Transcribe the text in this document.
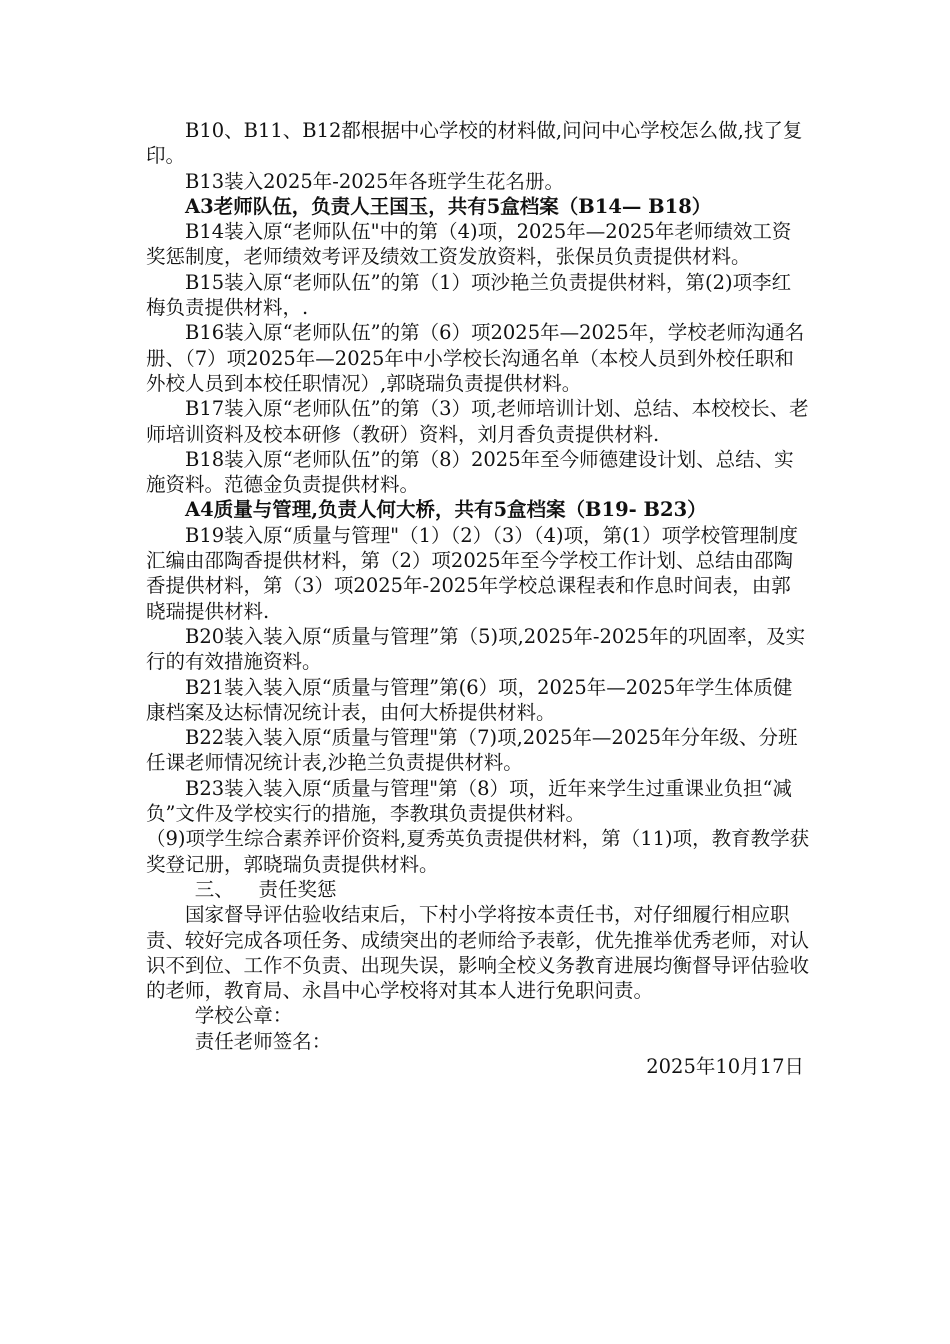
B10、B11、B12都根据中心学校的材料做,问问中心学校怎么做,找了复印。

B13装入2025年-2025年各班学生花名册。

A3老师队伍，负责人王国玉，共有5盒档案（B14— B18）

B14装入原“老师队伍"中的第（4)项，2025年—2025年老师绩效工资奖惩制度，老师绩效考评及绩效工资发放资料，张保员负责提供材料。

B15装入原“老师队伍”的第（1）项沙艳兰负责提供材料，第(2)项李红梅负责提供材料，.

B16装入原“老师队伍”的第（6）项2025年—2025年，学校老师沟通名册、（7）项2025年—2025年中小学校长沟通名单（本校人员到外校任职和外校人员到本校任职情况）,郭晓瑞负责提供材料。

B17装入原“老师队伍”的第（3）项,老师培训计划、总结、本校校长、老师培训资料及校本研修（教研）资料，刘月香负责提供材料.

B18装入原“老师队伍”的第（8）2025年至今师德建设计划、总结、实施资料。范德金负责提供材料。

A4质量与管理,负责人何大桥，共有5盒档案（B19- B23）

B19装入原“质量与管理"（1）（2）（3）（4)项，第(1）项学校管理制度汇编由邵陶香提供材料，第（2）项2025年至今学校工作计划、总结由邵陶香提供材料，第（3）项2025年-2025年学校总课程表和作息时间表，由郭晓瑞提供材料.

B20装入装入原“质量与管理”第（5)项,2025年-2025年的巩固率，及实行的有效措施资料。

B21装入装入原“质量与管理”第(6）项，2025年—2025年学生体质健康档案及达标情况统计表，由何大桥提供材料。

B22装入装入原“质量与管理"第（7)项,2025年—2025年分年级、分班任课老师情况统计表,沙艳兰负责提供材料。

B23装入装入原“质量与管理"第（8）项，近年来学生过重课业负担“减负”文件及学校实行的措施，李教琪负责提供材料。

（9)项学生综合素养评价资料,夏秀英负责提供材料，第（11)项，教育教学获奖登记册，郭晓瑞负责提供材料。

三、    责任奖惩

国家督导评估验收结束后，下村小学将按本责任书，对仔细履行相应职责、较好完成各项任务、成绩突出的老师给予表彰，优先推举优秀老师，对认识不到位、工作不负责、出现失误，影响全校义务教育进展均衡督导评估验收的老师，教育局、永昌中心学校将对其本人进行免职问责。

学校公章：

责任老师签名：

2025年10月17日
